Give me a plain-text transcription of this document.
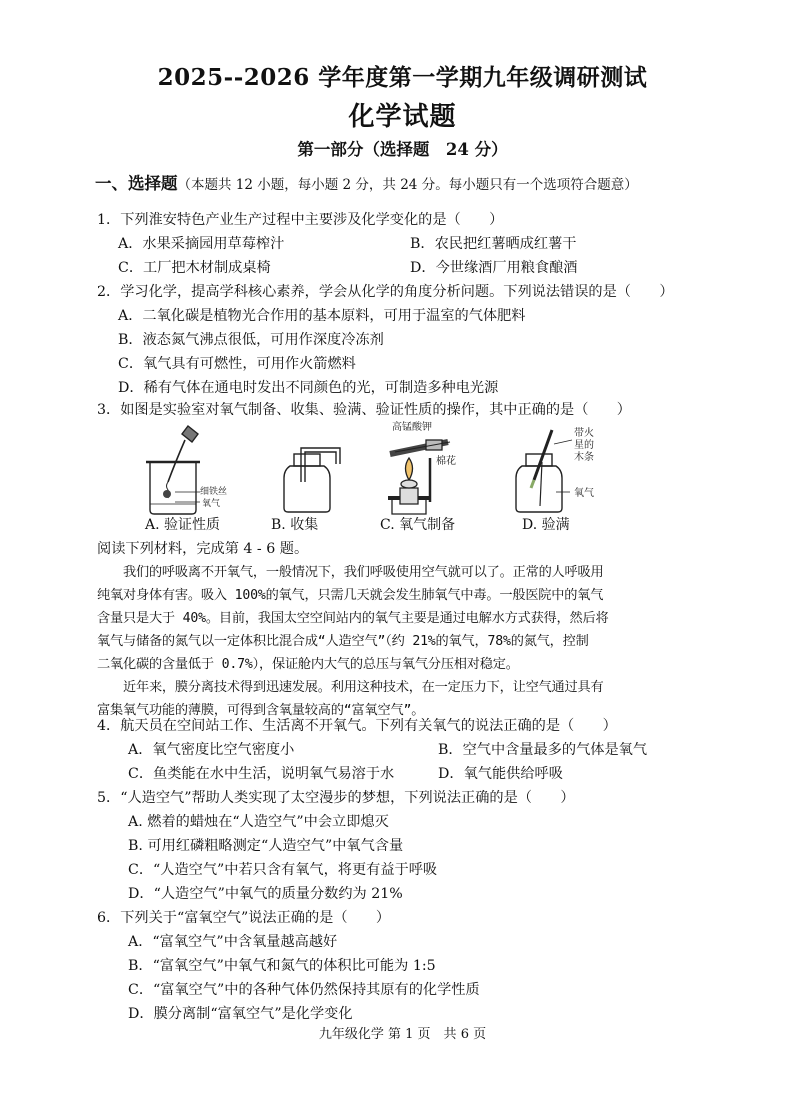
2025--2026 学年度第一学期九年级调研测试
化学试题
第一部分（选择题　24 分）
一、选择题（本题共 12 小题，每小题 2 分，共 24 分。每小题只有一个选项符合题意）
1．下列淮安特色产业生产过程中主要涉及化学变化的是（　　）
A．水果采摘园用草莓榨汁	B．农民把红薯晒成红薯干
C．工厂把木材制成桌椅	D．今世缘酒厂用粮食酿酒
2．学习化学，提高学科核心素养，学会从化学的角度分析问题。下列说法错误的是（　　）
A．二氧化碳是植物光合作用的基本原料，可用于温室的气体肥料
B．液态氮气沸点很低，可用作深度冷冻剂
C．氧气具有可燃性，可用作火箭燃料
D．稀有气体在通电时发出不同颜色的光，可制造多种电光源
3．如图是实验室对氧气制备、收集、验满、验证性质的操作，其中正确的是（　　）
细铁丝
氧气
高锰酸钾
棉花
带火
星的
木条
氧气
A. 验证性质	B. 收集	C. 氧气制备	D. 验满
阅读下列材料，完成第 4 - 6 题。
　　我们的呼吸离不开氧气，一般情况下，我们呼吸使用空气就可以了。正常的人呼吸用
纯氧对身体有害。吸入 100%的氧气，只需几天就会发生肺氧气中毒。一般医院中的氧气
含量只是大于 40%。目前，我国太空空间站内的氧气主要是通过电解水方式获得，然后将
氧气与储备的氮气以一定体积比混合成“人造空气”（约 21%的氧气，78%的氮气，控制
二氧化碳的含量低于 0.7%），保证舱内大气的总压与氧气分压相对稳定。
　　近年来，膜分离技术得到迅速发展。利用这种技术，在一定压力下，让空气通过具有
富集氧气功能的薄膜，可得到含氧量较高的“富氧空气”。
4．航天员在空间站工作、生活离不开氧气。下列有关氧气的说法正确的是（　　）
A．氧气密度比空气密度小	B．空气中含量最多的气体是氧气
C．鱼类能在水中生活，说明氧气易溶于水	D．氧气能供给呼吸
5．“人造空气”帮助人类实现了太空漫步的梦想，下列说法正确的是（　　）
A. 燃着的蜡烛在“人造空气”中会立即熄灭
B. 可用红磷粗略测定“人造空气”中氧气含量
C．“人造空气”中若只含有氧气，将更有益于呼吸
D．“人造空气”中氧气的质量分数约为 21%
6．下列关于“富氧空气”说法正确的是（　　）
A．“富氧空气”中含氧量越高越好
B．“富氧空气”中氧气和氮气的体积比可能为 1:5
C．“富氧空气”中的各种气体仍然保持其原有的化学性质
D．膜分离制“富氧空气”是化学变化
九年级化学 第 1 页　共 6 页
